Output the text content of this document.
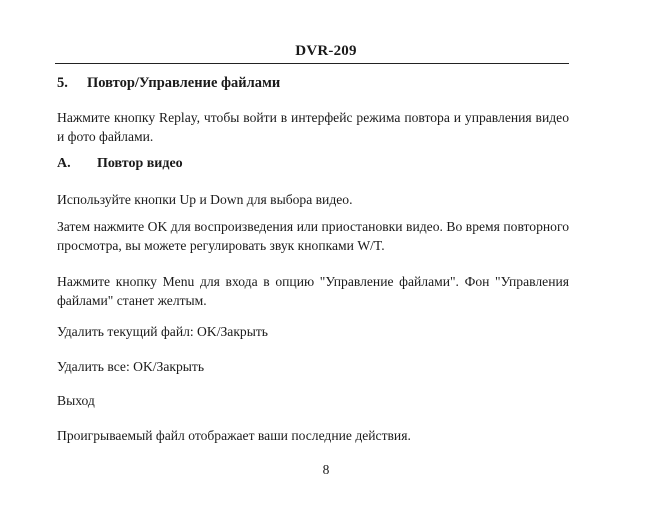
DVR-209
5. Повтор/Управление файлами
Нажмите кнопку Replay, чтобы войти в интерфейс режима повтора и управления видео и фото файлами.
А. Повтор видео
Используйте кнопки Up и Down для выбора видео.
Затем нажмите OK для воспроизведения или приостановки видео. Во время повторного просмотра, вы можете регулировать звук кнопками W/T.
Нажмите кнопку Menu для входа в опцию "Управление файлами". Фон "Управления файлами" станет желтым.
Удалить текущий файл: OK/Закрыть
Удалить все: OK/Закрыть
Выход
Проигрываемый файл отображает ваши последние действия.
8
